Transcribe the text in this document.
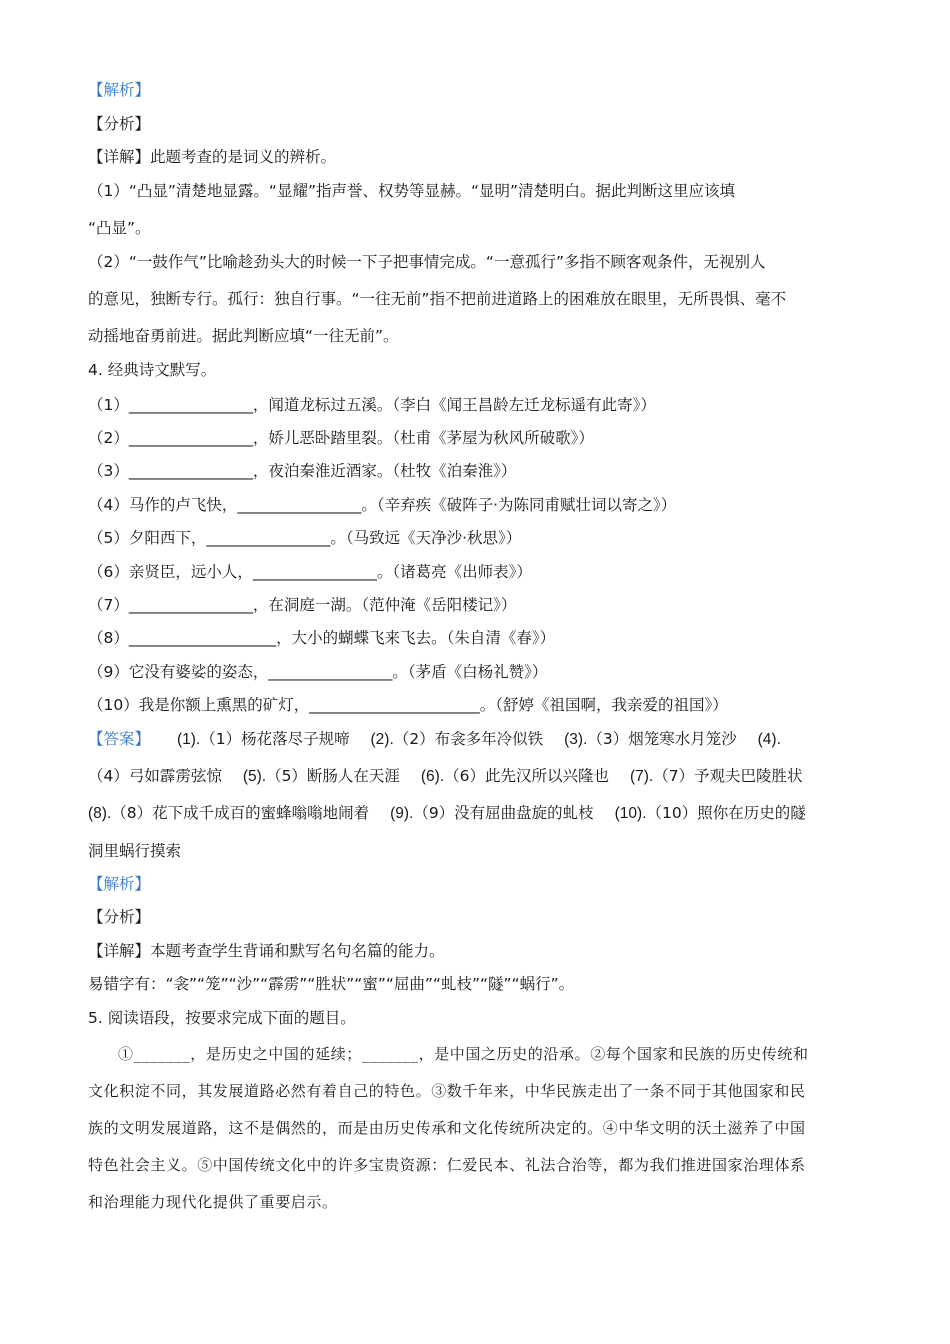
【解析】
【分析】
【详解】此题考查的是词义的辨析。
（1）“凸显”清楚地显露。“显耀”指声誉、权势等显赫。“显明”清楚明白。据此判断这里应该填
“凸显”。
（2）“一鼓作气”比喻趁劲头大的时候一下子把事情完成。“一意孤行”多指不顾客观条件，无视别人
的意见，独断专行。孤行：独自行事。“一往无前”指不把前进道路上的困难放在眼里，无所畏惧、毫不
动摇地奋勇前进。据此判断应填“一往无前”。
4. 经典诗文默写。
（1）________________，闻道龙标过五溪。（李白《闻王昌龄左迁龙标遥有此寄》）
（2）________________，娇儿恶卧踏里裂。（杜甫《茅屋为秋风所破歌》）
（3）________________，夜泊秦淮近酒家。（杜牧《泊秦淮》）
（4）马作的卢飞快，________________。（辛弃疾《破阵子·为陈同甫赋壮词以寄之》）
（5）夕阳西下，________________。（马致远《天净沙·秋思》）
（6）亲贤臣，远小人，________________。（诸葛亮《出师表》）
（7）________________，在洞庭一湖。（范仲淹《岳阳楼记》）
（8）___________________，大小的蝴蝶飞来飞去。（朱自清《春》）
（9）它没有婆娑的姿态，________________。（茅盾《白杨礼赞》）
（10）我是你额上熏黑的矿灯，______________________。（舒婷《祖国啊，我亲爱的祖国》）
【答案】 (1).（1）杨花落尽子规啼 (2).（2）布衾多年冷似铁 (3).（3）烟笼寒水月笼沙 (4).
（4）弓如霹雳弦惊 (5).（5）断肠人在天涯 (6).（6）此先汉所以兴隆也 (7).（7）予观夫巴陵胜状
(8).（8）花下成千成百的蜜蜂嗡嗡地闹着 (9).（9）没有屈曲盘旋的虬枝 (10).（10）照你在历史的隧
洞里蜗行摸索
【解析】
【分析】
【详解】本题考查学生背诵和默写名句名篇的能力。
易错字有：“衾”“笼”“沙”“霹雳”“胜状”“蜜”“屈曲”“虬枝”“隧”“蜗行”。
5. 阅读语段，按要求完成下面的题目。
①_______，是历史之中国的延续；_______，是中国之历史的沿承。②每个国家和民族的历史传统和
文化积淀不同，其发展道路必然有着自己的特色。③数千年来，中华民族走出了一条不同于其他国家和民
族的文明发展道路，这不是偶然的，而是由历史传承和文化传统所决定的。④中华文明的沃土滋养了中国
特色社会主义。⑤中国传统文化中的许多宝贵资源：仁爱民本、礼法合治等，都为我们推进国家治理体系
和治理能力现代化提供了重要启示。
